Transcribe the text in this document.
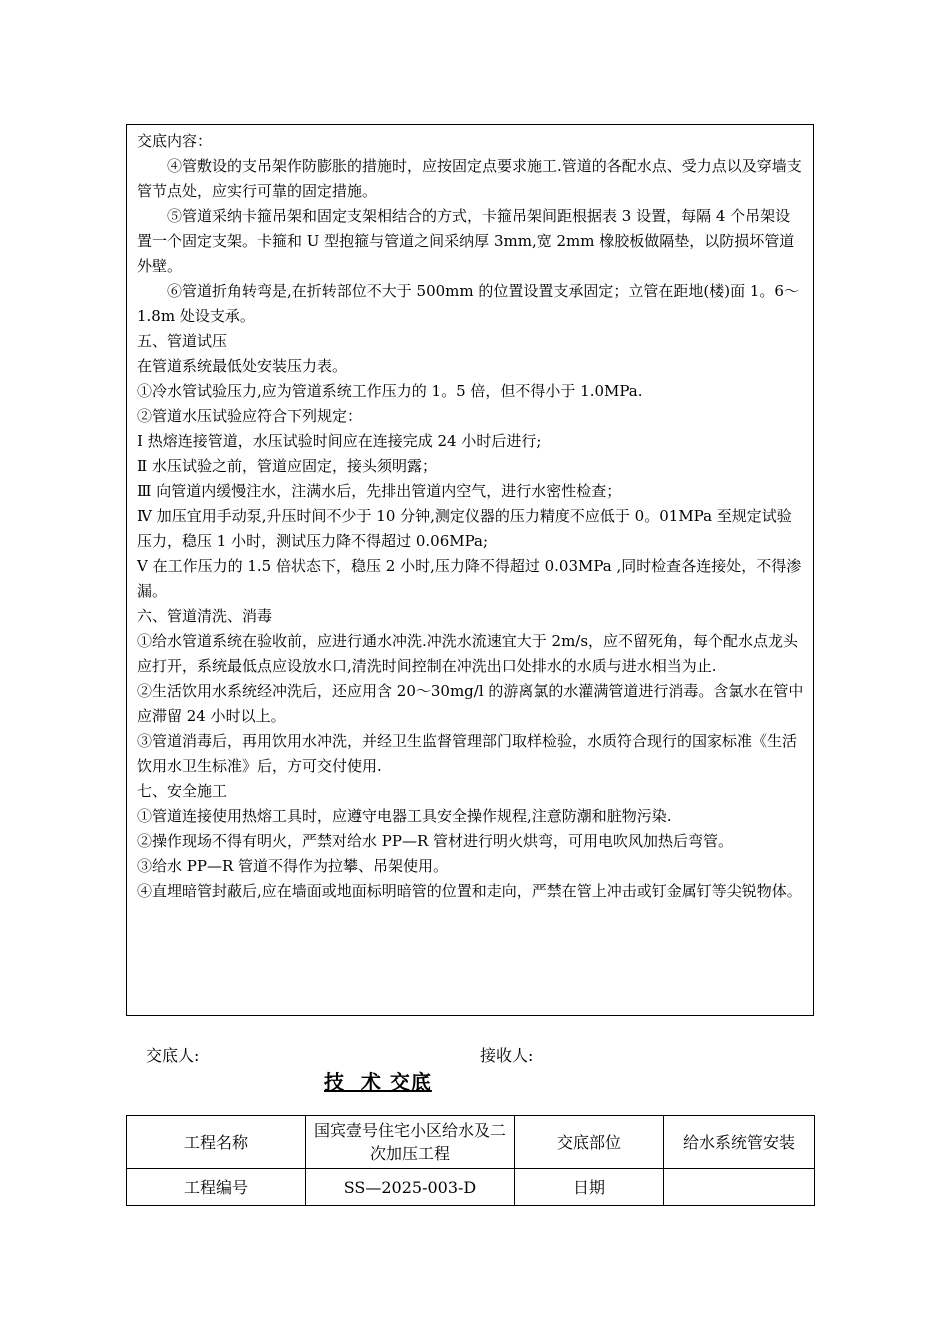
交底内容：

④管敷设的支吊架作防膨胀的措施时，应按固定点要求施工.管道的各配水点、受力点以及穿墙支管节点处，应实行可靠的固定措施。

⑤管道采纳卡箍吊架和固定支架相结合的方式，卡箍吊架间距根据表 3 设置，每隔 4 个吊架设置一个固定支架。卡箍和 U 型抱箍与管道之间采纳厚 3mm,宽 2mm 橡胶板做隔垫，以防损坏管道外壁。

⑥管道折角转弯是,在折转部位不大于 500mm 的位置设置支承固定；立管在距地(楼)面 1。6～1.8m 处设支承。

五、管道试压

在管道系统最低处安装压力表。

①冷水管试验压力,应为管道系统工作压力的 1。5 倍，但不得小于 1.0MPa.

②管道水压试验应符合下列规定：

Ⅰ 热熔连接管道，水压试验时间应在连接完成 24 小时后进行;

Ⅱ 水压试验之前，管道应固定，接头须明露；

Ⅲ 向管道内缓慢注水，注满水后，先排出管道内空气，进行水密性检查；

Ⅳ 加压宜用手动泵,升压时间不少于 10 分钟,测定仪器的压力精度不应低于 0。01MPa 至规定试验压力，稳压 1 小时，测试压力降不得超过 0.06MPa;

Ⅴ 在工作压力的 1.5 倍状态下，稳压 2 小时,压力降不得超过 0.03MPa ,同时检查各连接处，不得渗漏。

六、管道清洗、消毒

①给水管道系统在验收前，应进行通水冲洗.冲洗水流速宜大于 2m/s，应不留死角，每个配水点龙头应打开，系统最低点应设放水口,清洗时间控制在冲洗出口处排水的水质与进水相当为止.

②生活饮用水系统经冲洗后，还应用含 20～30mg/l 的游离氯的水灌满管道进行消毒。含氯水在管中应滞留 24 小时以上。

③管道消毒后，再用饮用水冲洗，并经卫生监督管理部门取样检验，水质符合现行的国家标准《生活饮用水卫生标准》后，方可交付使用.

七、安全施工

①管道连接使用热熔工具时，应遵守电器工具安全操作规程,注意防潮和脏物污染.

②操作现场不得有明火，严禁对给水 PP—R 管材进行明火烘弯，可用电吹风加热后弯管。

③给水 PP—R 管道不得作为拉攀、吊架使用。

④直埋暗管封蔽后,应在墙面或地面标明暗管的位置和走向，严禁在管上冲击或钉金属钉等尖锐物体。

交底人:	接收人:
技  术 交底
工程名称	国宾壹号住宅小区给水及二次加压工程	交底部位	给水系统管安装
工程编号	SS—2025-003-D	日期	
